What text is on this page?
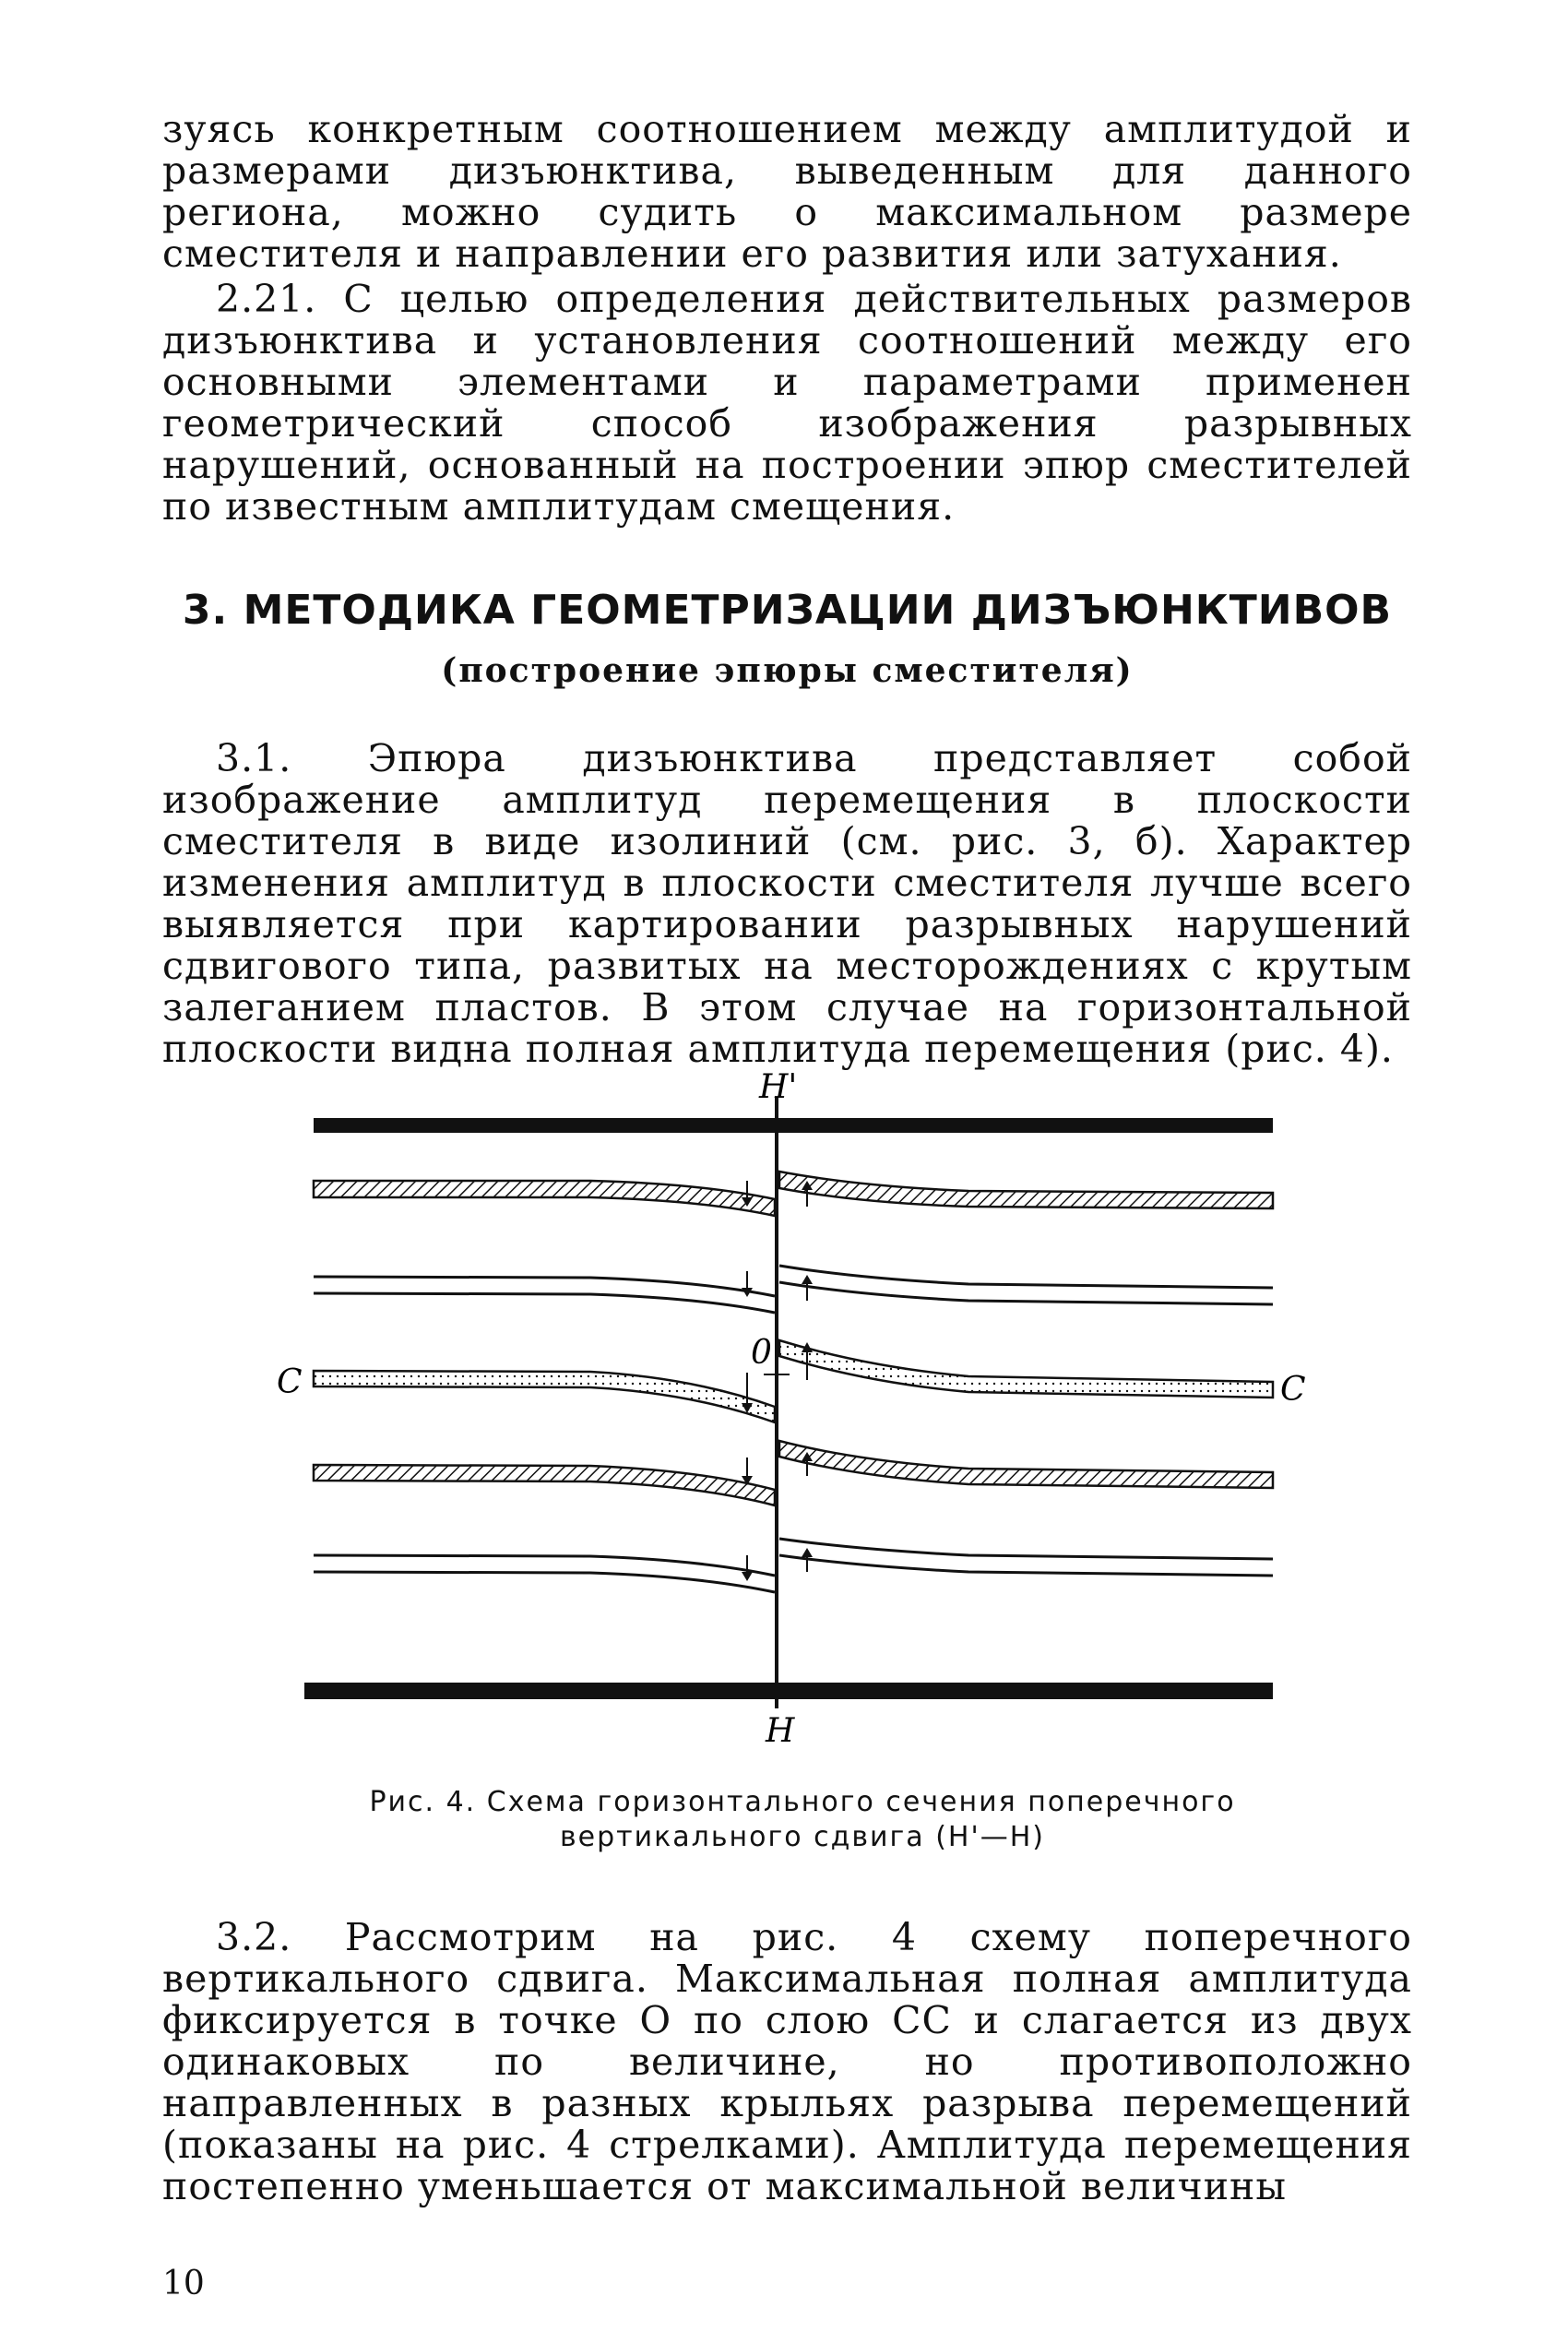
зуясь конкретным соотношением между амплитудой и размерами дизъюнктива, выведенным для данного региона, можно судить о максимальном размере сместителя и направлении его развития или затухания.

2.21. С целью определения действительных размеров дизъюнктива и установления соотношений между его основными элементами и параметрами применен геометрический способ изображения разрывных нарушений, основанный на построении эпюр сместителей по известным амплитудам смещения.

3. МЕТОДИКА ГЕОМЕТРИЗАЦИИ ДИЗЪЮНКТИВОВ
(построение эпюры сместителя)

3.1. Эпюра дизъюнктива представляет собой изображение амплитуд перемещения в плоскости сместителя в виде изолиний (см. рис. 3, б). Характер изменения амплитуд в плоскости сместителя лучше всего выявляется при картировании разрывных нарушений сдвигового типа, развитых на месторождениях с крутым залеганием пластов. В этом случае на горизонтальной плоскости видна полная амплитуда перемещения (рис. 4).

H'
H
C	C
0

Рис. 4. Схема горизонтального сечения поперечного вертикального сдвига (H'—H)

3.2. Рассмотрим на рис. 4 схему поперечного вертикального сдвига. Максимальная полная амплитуда фиксируется в точке О по слою СС и слагается из двух одинаковых по величине, но противоположно направленных в разных крыльях разрыва перемещений (показаны на рис. 4 стрелками). Амплитуда перемещения постепенно уменьшается от максимальной величины

10
